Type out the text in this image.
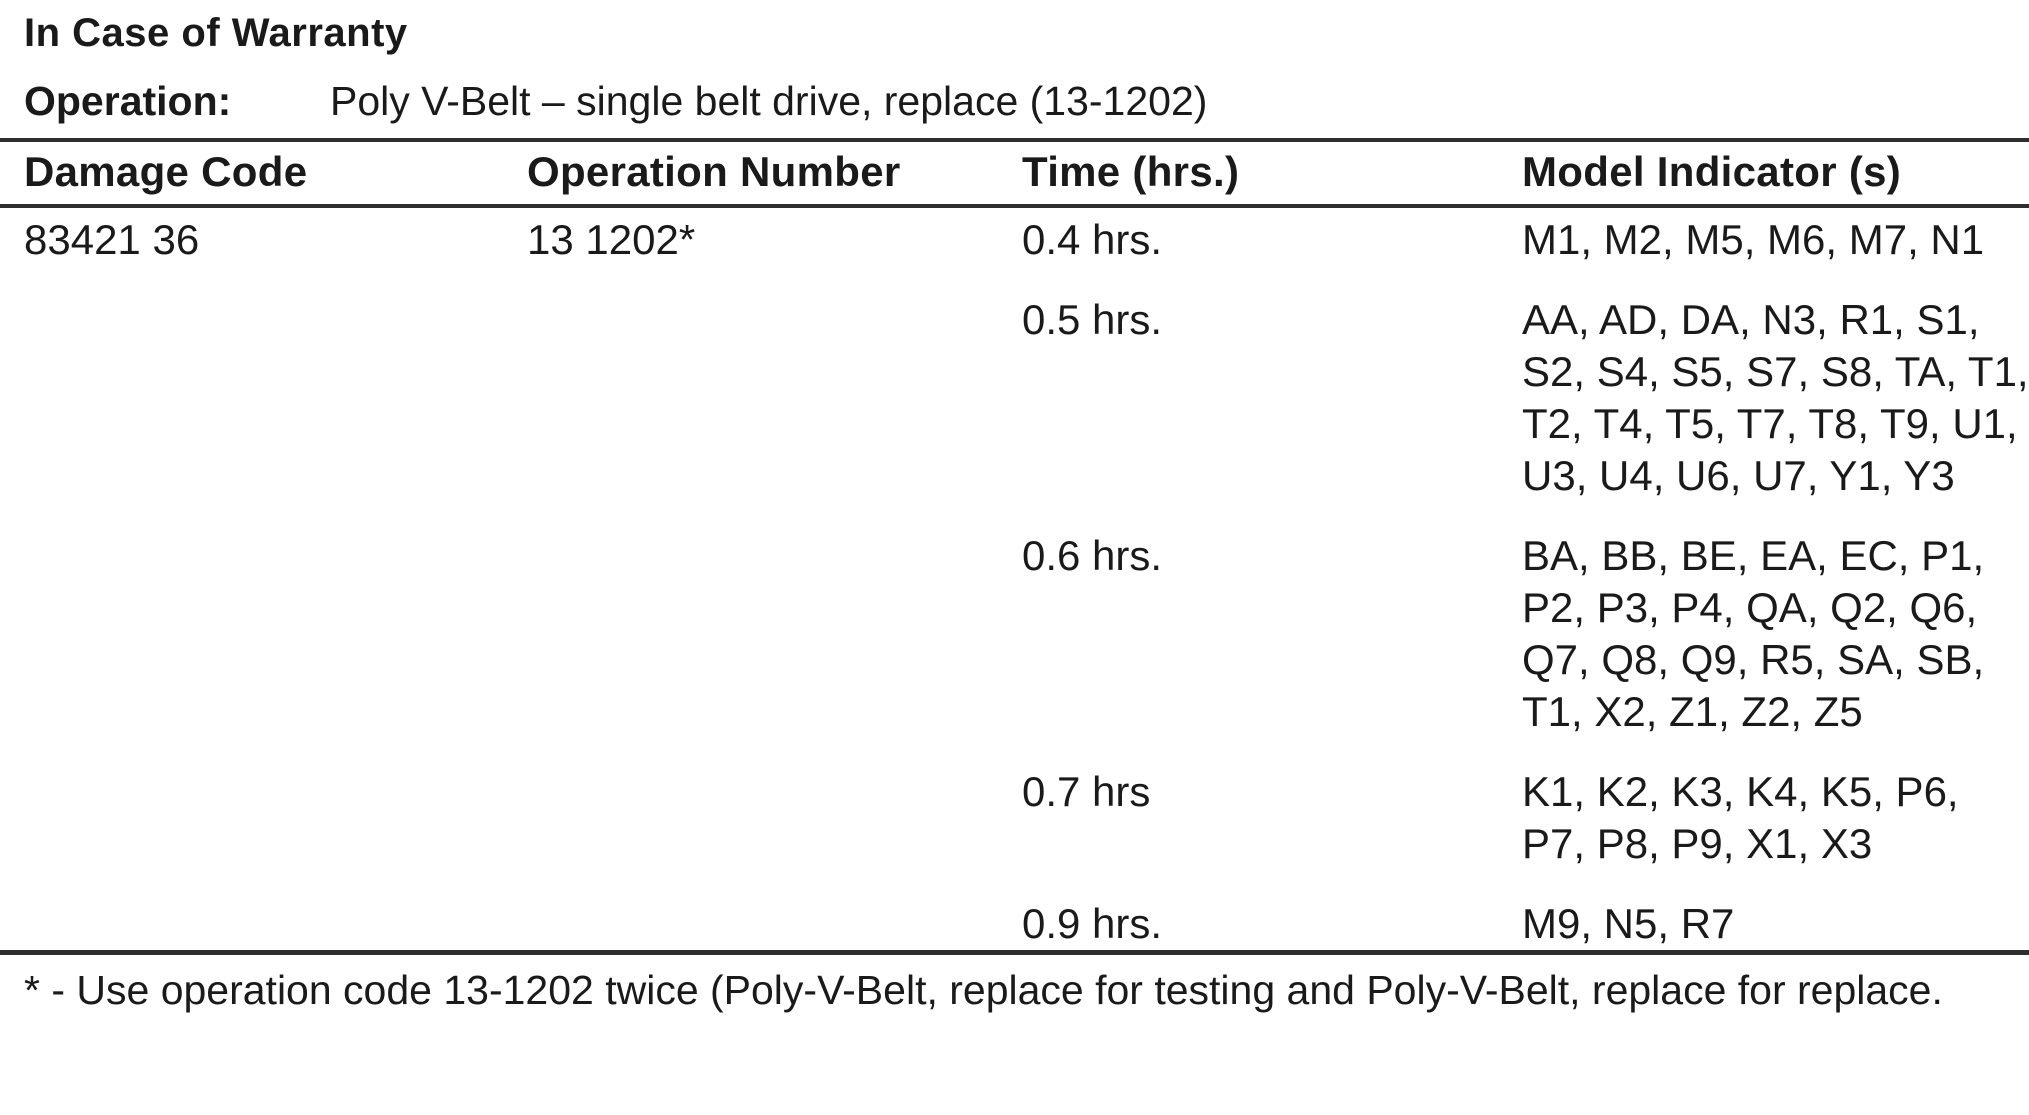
In Case of Warranty
Operation: Poly V-Belt – single belt drive, replace (13-1202)
Damage Code	Operation Number	Time (hrs.)	Model Indicator (s)
83421 36	13 1202*	0.4 hrs.	M1, M2, M5, M6, M7, N1
0.5 hrs.	AA, AD, DA, N3, R1, S1, S2, S4, S5, S7, S8, TA, T1, T2, T4, T5, T7, T8, T9, U1, U3, U4, U6, U7, Y1, Y3
0.6 hrs.	BA, BB, BE, EA, EC, P1, P2, P3, P4, QA, Q2, Q6, Q7, Q8, Q9, R5, SA, SB, T1, X2, Z1, Z2, Z5
0.7 hrs	K1, K2, K3, K4, K5, P6, P7, P8, P9, X1, X3
0.9 hrs.	M9, N5, R7
* - Use operation code 13-1202 twice (Poly-V-Belt, replace for testing and Poly-V-Belt, replace for replace.
